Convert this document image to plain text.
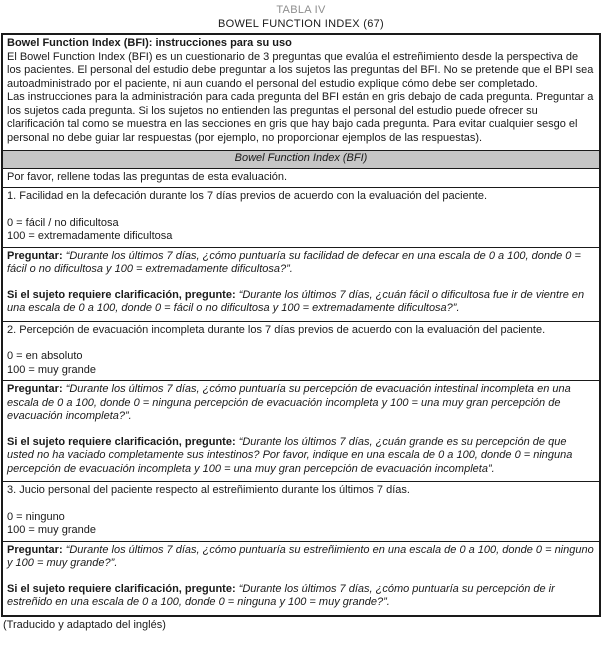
TABLA IV
BOWEL FUNCTION INDEX (67)
Bowel Function Index (BFI): instrucciones para su uso
El Bowel Function Index (BFI) es un cuestionario de 3 preguntas que evalúa el estreñimiento desde la perspectiva de los pacientes. El personal del estudio debe preguntar a los sujetos las preguntas del BFI. No se pretende que el BPI sea autoadministrado por el paciente, ni aun cuando el personal del estudio explique cómo debe ser completado.
Las instrucciones para la administración para cada pregunta del BFI están en gris debajo de cada pregunta. Preguntar a los sujetos cada pregunta. Si los sujetos no entienden las preguntas el personal del estudio puede ofrecer su clarificación tal como se muestra en las secciones en gris que hay bajo cada pregunta. Para evitar cualquier sesgo el personal no debe guiar lar respuestas (por ejemplo, no proporcionar ejemplos de las respuestas).
Bowel Function Index (BFI)
Por favor, rellene todas las preguntas de esta evaluación.
1. Facilidad en la defecación durante los 7 días previos de acuerdo con la evaluación del paciente.
0 = fácil / no dificultosa
100 = extremadamente dificultosa
Preguntar: “Durante los últimos 7 días, ¿cómo puntuaría su facilidad de defecar en una escala de 0 a 100, donde 0 = fácil o no dificultosa y 100 = extremadamente dificultosa?”.
Si el sujeto requiere clarificación, pregunte: “Durante los últimos 7 días, ¿cuán fácil o dificultosa fue ir de vientre en una escala de 0 a 100, donde 0 = fácil o no dificultosa y 100 = extremadamente dificultosa?”.
2. Percepción de evacuación incompleta durante los 7 días previos de acuerdo con la evaluación del paciente.
0 = en absoluto
100 = muy grande
Preguntar: “Durante los últimos 7 días, ¿cómo puntuaría su percepción de evacuación intestinal incompleta en una escala de 0 a 100, donde 0 = ninguna percepción de evacuación incompleta y 100 = una muy gran percepción de evacuación incompleta?”.
Si el sujeto requiere clarificación, pregunte: “Durante los últimos 7 días, ¿cuán grande es su percepción de que usted no ha vaciado completamente sus intestinos? Por favor, indique en una escala de 0 a 100, donde 0 = ninguna percepción de evacuación incompleta y 100 = una muy gran percepción de evacuación incompleta”.
3. Jucio personal del paciente respecto al estreñimiento durante los últimos 7 días.
0 = ninguno
100 = muy grande
Preguntar: “Durante los últimos 7 días, ¿cómo puntuaría su estreñimiento en una escala de 0 a 100, donde 0 = ninguno y 100 = muy grande?”.
Si el sujeto requiere clarificación, pregunte: “Durante los últimos 7 días, ¿cómo puntuaría su percepción de ir estreñido en una escala de 0 a 100, donde 0 = ninguna y 100 = muy grande?”.
(Traducido y adaptado del inglés)
